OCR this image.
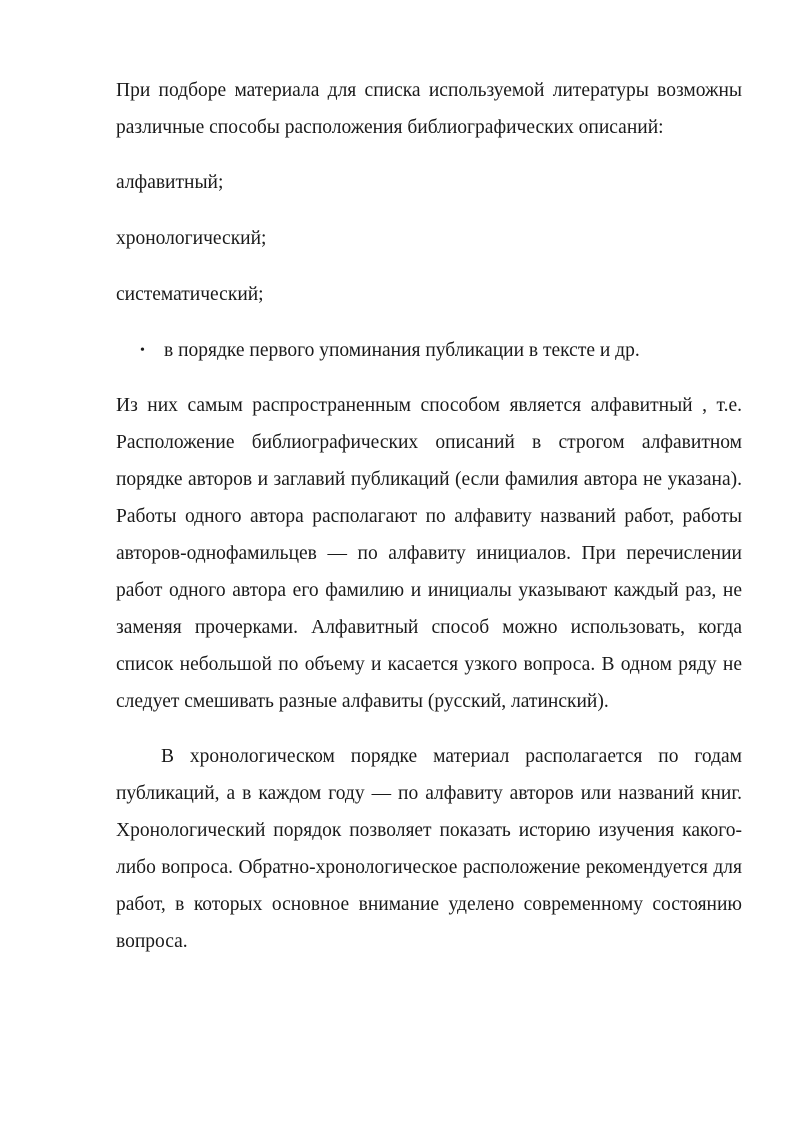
При подборе материала для списка используемой литературы возможны различные способы расположения библиографических описаний:

алфавитный;

хронологический;

систематический;

• в порядке первого упоминания публикации в тексте и др.

Из них самым распространенным способом является алфавитный , т.е. Расположение библиографических описаний в строгом алфавитном порядке авторов и заглавий публикаций (если фамилия автора не указана). Работы одного автора располагают по алфавиту названий работ, работы авторов-однофамильцев — по алфавиту инициалов. При перечислении работ одного автора его фамилию и инициалы указывают каждый раз, не заменяя прочерками. Алфавитный способ можно использовать, когда список небольшой по объему и касается узкого вопроса. В одном ряду не следует смешивать разные алфавиты (русский, латинский).

В хронологическом порядке материал располагается по годам публикаций, а в каждом году — по алфавиту авторов или названий книг. Хронологический порядок позволяет показать историю изучения какого-либо вопроса. Обратно-хронологическое расположение рекомендуется для работ, в которых основное внимание уделено современному состоянию вопроса.
